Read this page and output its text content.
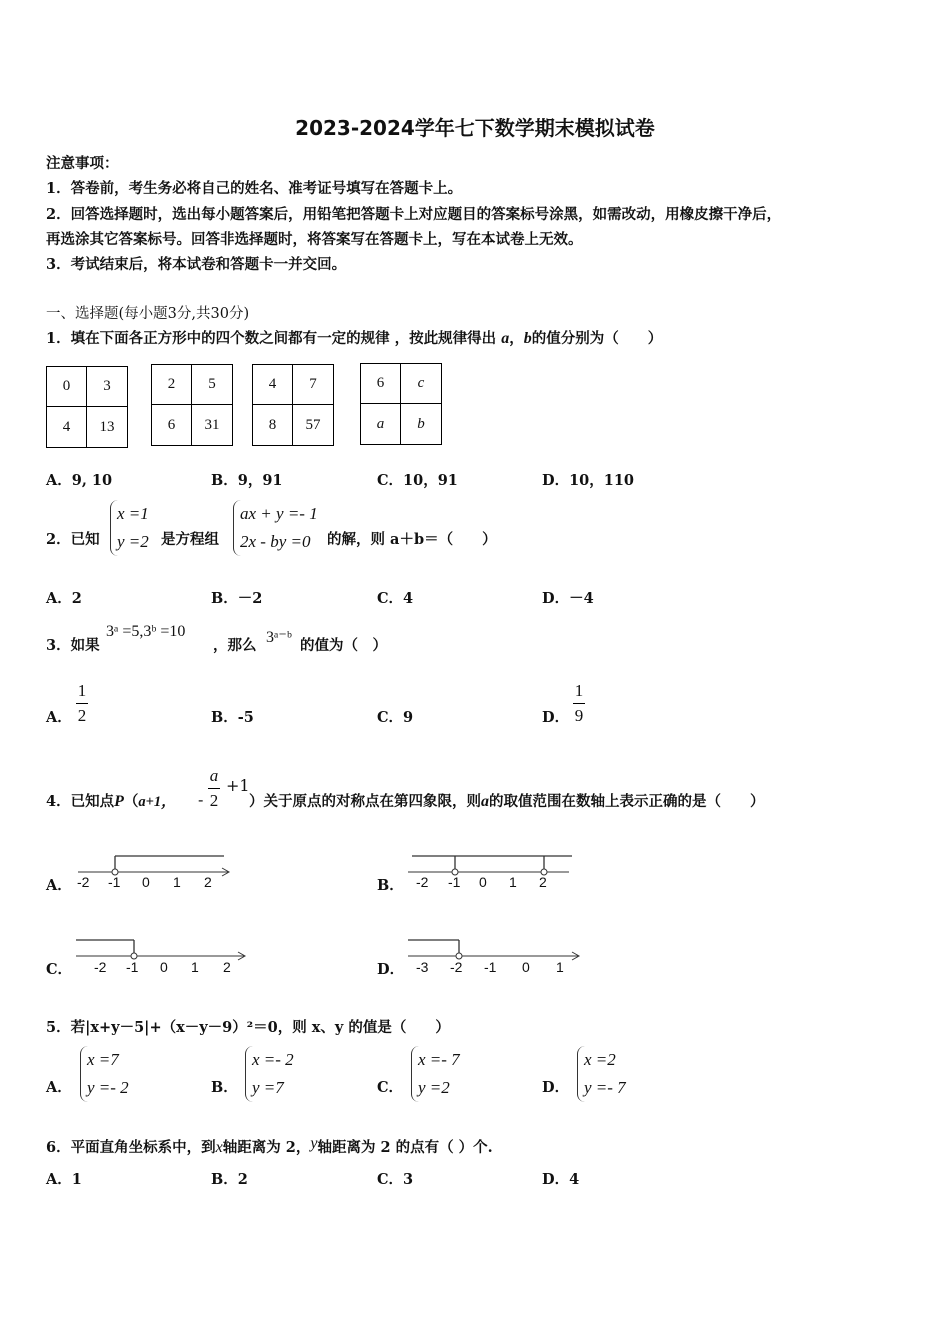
2023-2024学年七下数学期末模拟试卷
注意事项：
1．答卷前，考生务必将自己的姓名、准考证号填写在答题卡上。
2．回答选择题时，选出每小题答案后，用铅笔把答题卡上对应题目的答案标号涂黑，如需改动，用橡皮擦干净后，
再选涂其它答案标号。回答非选择题时，将答案写在答题卡上，写在本试卷上无效。
3．考试结束后，将本试卷和答题卡一并交回。
一、选择题(每小题3分,共30分)
1．填在下面各正方形中的四个数之间都有一定的规律 ，按此规律得出 a，b的值分别为（　　）
0	3
4	13
2	5
6	31
4	7
8	57
6	c
a	b
A．9, 10	B．9，91	C．10，91	D．10，110
2．已知
x =1
y =2 是方程组
ax + y =- 1
2x - by =0	的解，则 a＋b＝（　　）
A．2	B．－2	C．4	D．－4
3．如果
3ᵃ =5,3ᵇ =10
，那么 3ᵃ⁻ᵇ 的值为（　）
A．
1
2	B．-5	C．9	D．
1
9
4．已知点P（a+1， -
a
2
+1
）关于原点的对称点在第四象限，则a的取值范围在数轴上表示正确的是（　　）
A．	B．
C．	D．
-2 -1 0 1 2	-2 -1 0 1 2
-2 -1 0 1 2	-3 -2 -1 0 1
5．若|x+y－5|+（x－y－9）²＝0，则 x、y 的值是（　　）
A．
x =7
y =- 2	B．
x =- 2
y =7	C．
x =- 7
y =2	D．
x =2
y =- 7
6．平面直角坐标系中，到x轴距离为 2，y轴距离为 2 的点有（ ）个.
A．1	B．2	C．3	D．4
